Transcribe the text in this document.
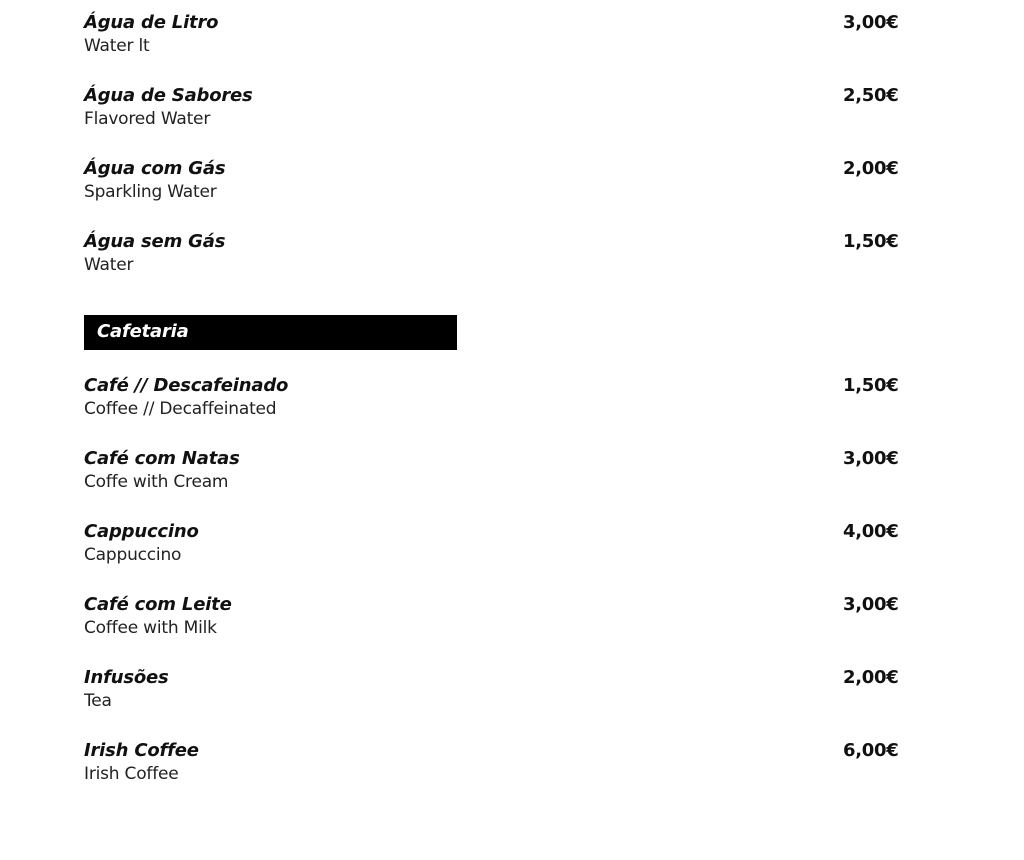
Água de Litro
Water lt
3,00€
Água de Sabores
Flavored Water
2,50€
Água com Gás
Sparkling Water
2,00€
Água sem Gás
Water
1,50€
Cafetaria
Café // Descafeinado
Coffee // Decaffeinated
1,50€
Café com Natas
Coffe with Cream
3,00€
Cappuccino
Cappuccino
4,00€
Café com Leite
Coffee with Milk
3,00€
Infusões
Tea
2,00€
Irish Coffee
Irish Coffee
6,00€
